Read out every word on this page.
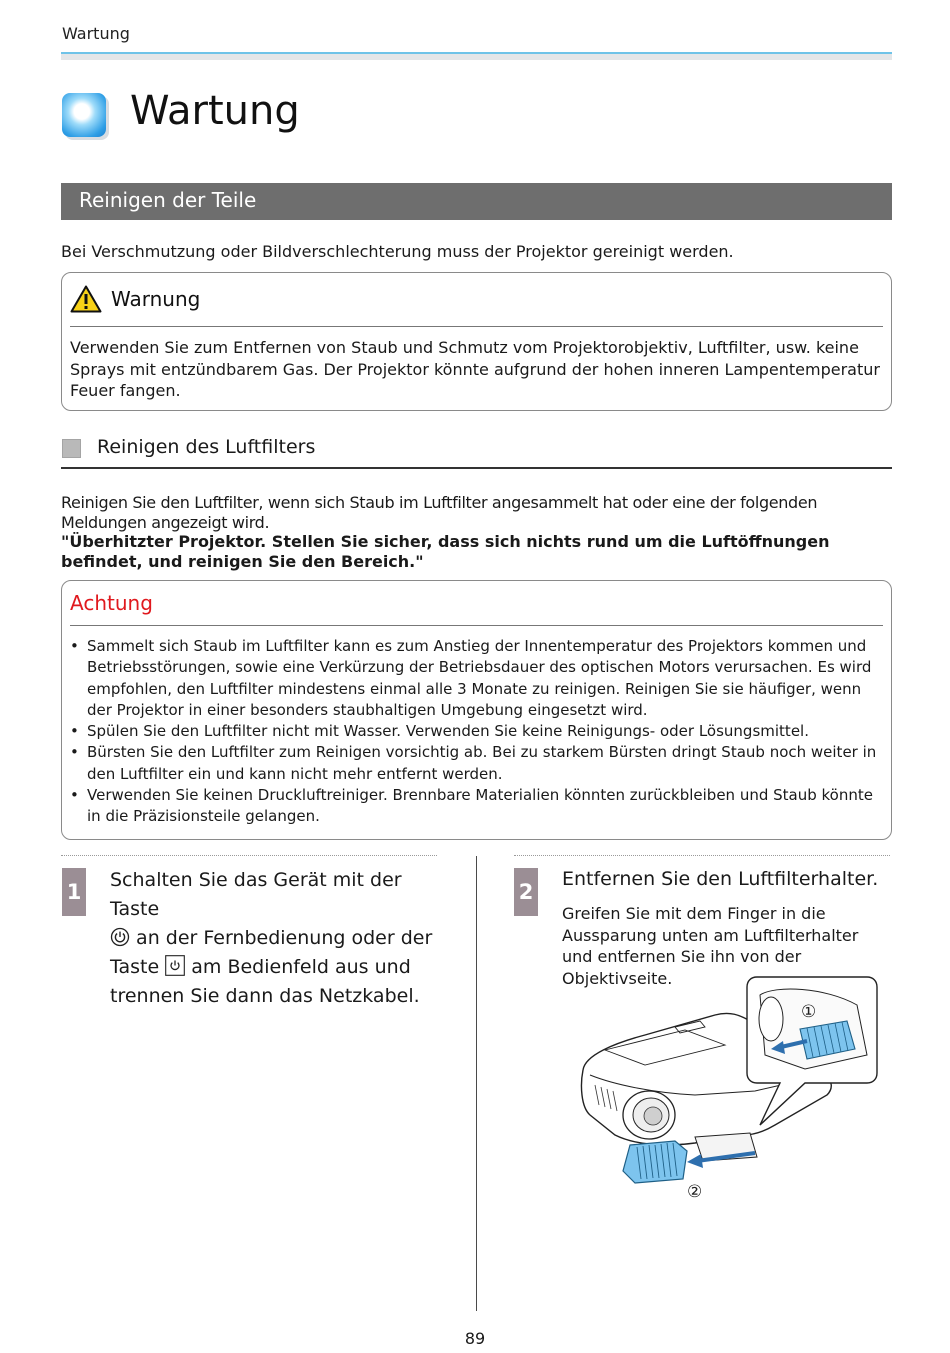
Wartung
Wartung
Reinigen der Teile
Bei Verschmutzung oder Bildverschlechterung muss der Projektor gereinigt werden.
Warnung
Verwenden Sie zum Entfernen von Staub und Schmutz vom Projektorobjektiv, Luftfilter, usw. keine Sprays mit entzündbarem Gas. Der Projektor könnte aufgrund der hohen inneren Lampentemperatur Feuer fangen.
Reinigen des Luftfilters
Reinigen Sie den Luftfilter, wenn sich Staub im Luftfilter angesammelt hat oder eine der folgenden Meldungen angezeigt wird.
"Überhitzter Projektor. Stellen Sie sicher, dass sich nichts rund um die Luftöffnungen befindet, und reinigen Sie den Bereich."
Achtung
• Sammelt sich Staub im Luftfilter kann es zum Anstieg der Innentemperatur des Projektors kommen und Betriebsstörungen, sowie eine Verkürzung der Betriebsdauer des optischen Motors verursachen. Es wird empfohlen, den Luftfilter mindestens einmal alle 3 Monate zu reinigen. Reinigen Sie sie häufiger, wenn der Projektor in einer besonders staubhaltigen Umgebung eingesetzt wird.
• Spülen Sie den Luftfilter nicht mit Wasser. Verwenden Sie keine Reinigungs- oder Lösungsmittel.
• Bürsten Sie den Luftfilter zum Reinigen vorsichtig ab. Bei zu starkem Bürsten dringt Staub noch weiter in den Luftfilter ein und kann nicht mehr entfernt werden.
• Verwenden Sie keinen Druckluftreiniger. Brennbare Materialien könnten zurückbleiben und Staub könnte in die Präzisionsteile gelangen.
1 Schalten Sie das Gerät mit der Taste
an der Fernbedienung oder der Taste am Bedienfeld aus und trennen Sie dann das Netzkabel.
2
Entfernen Sie den Luftfilterhalter.
Greifen Sie mit dem Finger in die Aussparung unten am Luftfilterhalter und entfernen Sie ihn von der Objektivseite.
①
②
89
